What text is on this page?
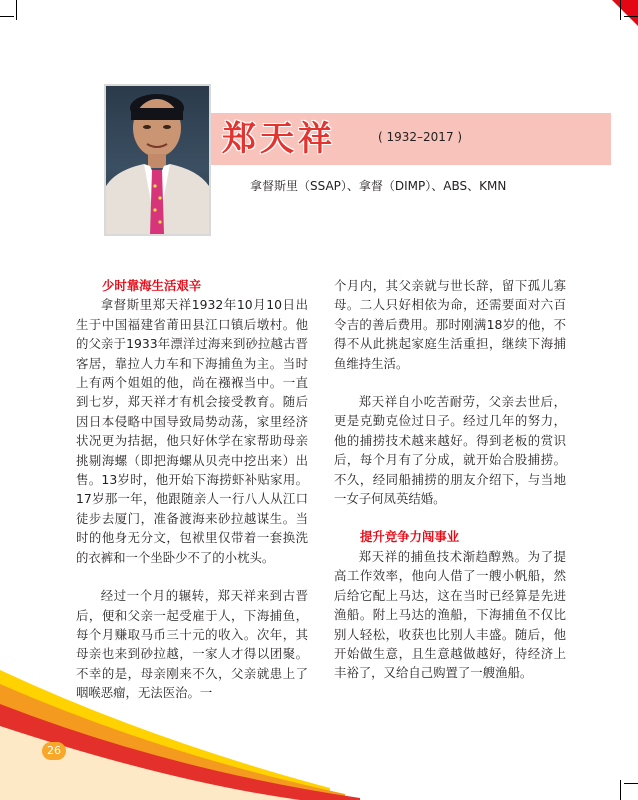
郑天祥	( 1932–2017 )
拿督斯里（SSAP）、拿督（DIMP）、ABS、KMN

少时靠海生活艰辛

拿督斯里郑天祥1932年10月10日出生于中国福建省莆田县江口镇后墩村。他的父亲于1933年漂洋过海来到砂拉越古晋客居，靠拉人力车和下海捕鱼为主。当时上有两个姐姐的他，尚在襁褓当中。一直到七岁，郑天祥才有机会接受教育。随后因日本侵略中国导致局势动荡，家里经济状况更为拮据，他只好休学在家帮助母亲挑剔海螺（即把海螺从贝壳中挖出来）出售。13岁时，他开始下海捞虾补贴家用。17岁那一年，他跟随亲人一行八人从江口徒步去厦门，准备渡海来砂拉越谋生。当时的他身无分文，包袱里仅带着一套换洗的衣裤和一个坐卧少不了的小枕头。

经过一个月的辗转，郑天祥来到古晋后，便和父亲一起受雇于人，下海捕鱼，每个月赚取马币三十元的收入。次年，其母亲也来到砂拉越，一家人才得以团聚。不幸的是，母亲刚来不久，父亲就患上了咽喉恶瘤，无法医治。一

个月内，其父亲就与世长辞，留下孤儿寡母。二人只好相依为命，还需要面对六百令吉的善后费用。那时刚满18岁的他，不得不从此挑起家庭生活重担，继续下海捕鱼维持生活。

郑天祥自小吃苦耐劳，父亲去世后，更是克勤克俭过日子。经过几年的努力， 他的捕捞技术越来越好。得到老板的赏识后，每个月有了分成，就开始合股捕捞。不久，经同船捕捞的朋友介绍下，与当地一女子何凤英结婚。

提升竞争力闯事业

郑天祥的捕鱼技术渐趋醇熟。为了提高工作效率，他向人借了一艘小帆船，然后给它配上马达，这在当时已经算是先进渔船。附上马达的渔船，下海捕鱼不仅比别人轻松，收获也比别人丰盛。随后，他开始做生意，且生意越做越好，待经济上丰裕了，又给自己购置了一艘渔船。

26
